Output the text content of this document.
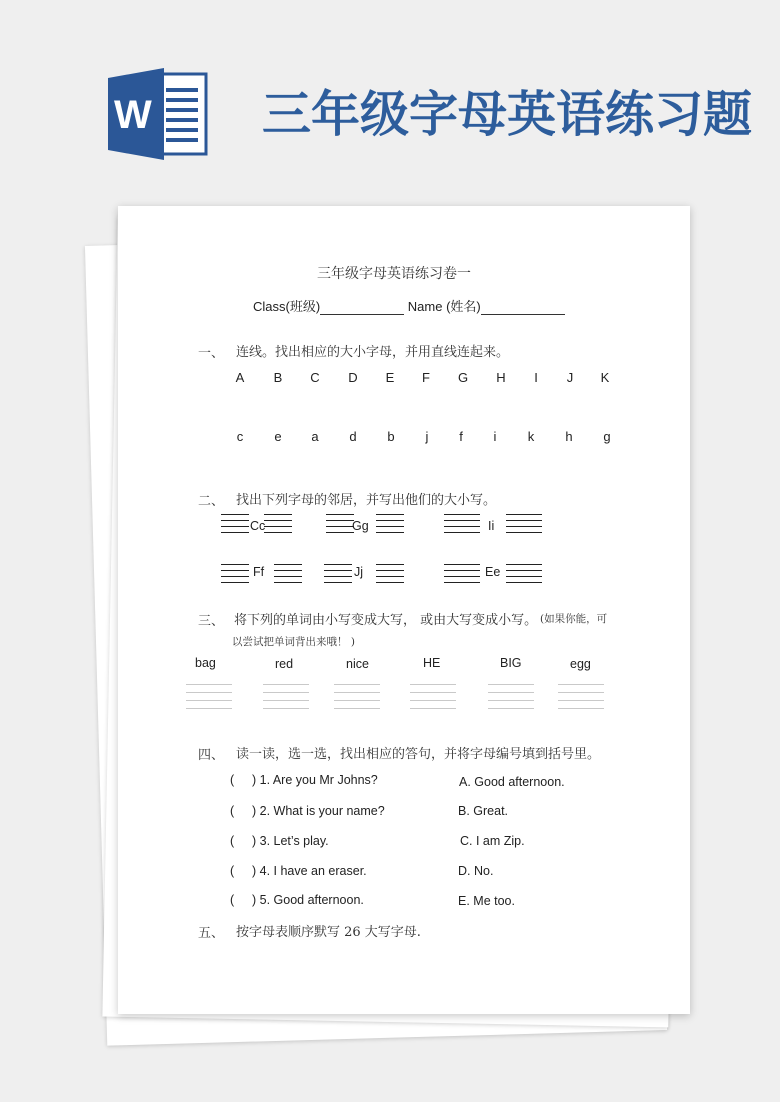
W 三年级字母英语练习题
三年级字母英语练习卷一
Class(班级)	Name (姓名)
一、 连线。找出相应的大小字母，并用直线连起来。
A B C D E F G H	I	J K
c e a d b	j	f	i	k h g
二、 找出下列字母的邻居，并写出他们的大小写。
Cc	Gg	Ii
Ff	Jj	Ee
三、 将下列的单词由小写变成大写， 或由大写变成小写。 (如果你能，可
以尝试把单词背出来哦！ )
bag	red	nice	HE	BIG	egg
四、 读一读，选一选，找出相应的答句，并将字母编号填到括号里。
( ) 1. Are you Mr Johns?
( ) 2. What is your name?
( ) 3. Let’s play.
( ) 4. I have an eraser.
( ) 5. Good afternoon.
A. Good afternoon.
B. Great.
C. I am Zip.
D. No.
E. Me too.
五、 按字母表顺序默写 26 大写字母.
